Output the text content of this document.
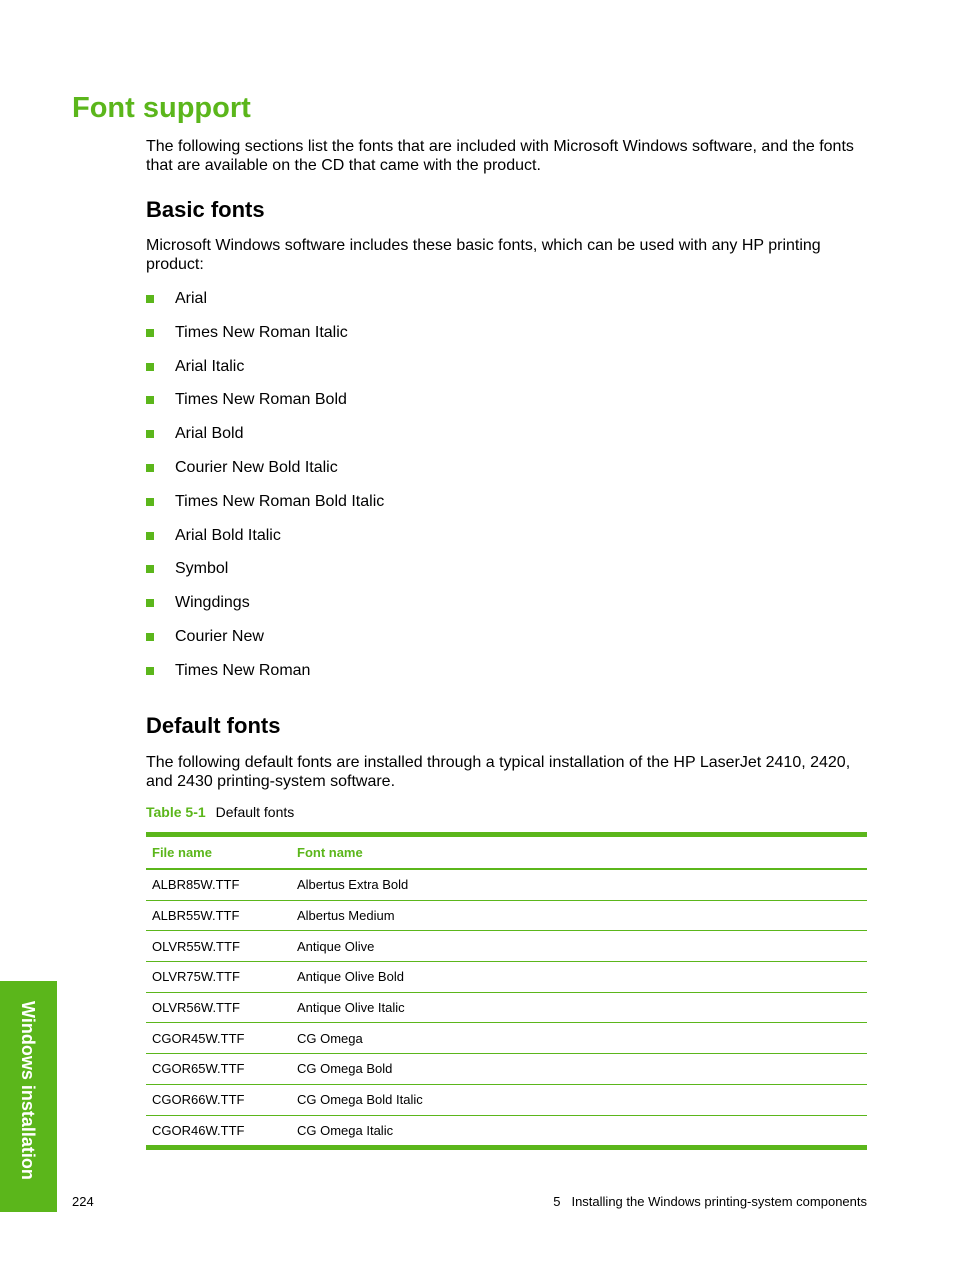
Font support

The following sections list the fonts that are included with Microsoft Windows software, and the fonts that are available on the CD that came with the product.

Basic fonts

Microsoft Windows software includes these basic fonts, which can be used with any HP printing product:

Arial
Times New Roman Italic
Arial Italic
Times New Roman Bold
Arial Bold
Courier New Bold Italic
Times New Roman Bold Italic
Arial Bold Italic
Symbol
Wingdings
Courier New
Times New Roman
Default fonts

The following default fonts are installed through a typical installation of the HP LaserJet 2410, 2420, and 2430 printing-system software.

Table 5-1 Default fonts
File name	Font name
ALBR85W.TTF	Albertus Extra Bold
ALBR55W.TTF	Albertus Medium
OLVR55W.TTF	Antique Olive
OLVR75W.TTF	Antique Olive Bold
OLVR56W.TTF	Antique Olive Italic
CGOR45W.TTF	CG Omega
CGOR65W.TTF	CG Omega Bold
CGOR66W.TTF	CG Omega Bold Italic
CGOR46W.TTF	CG Omega Italic
Windows installation
224	5 Installing the Windows printing-system components
